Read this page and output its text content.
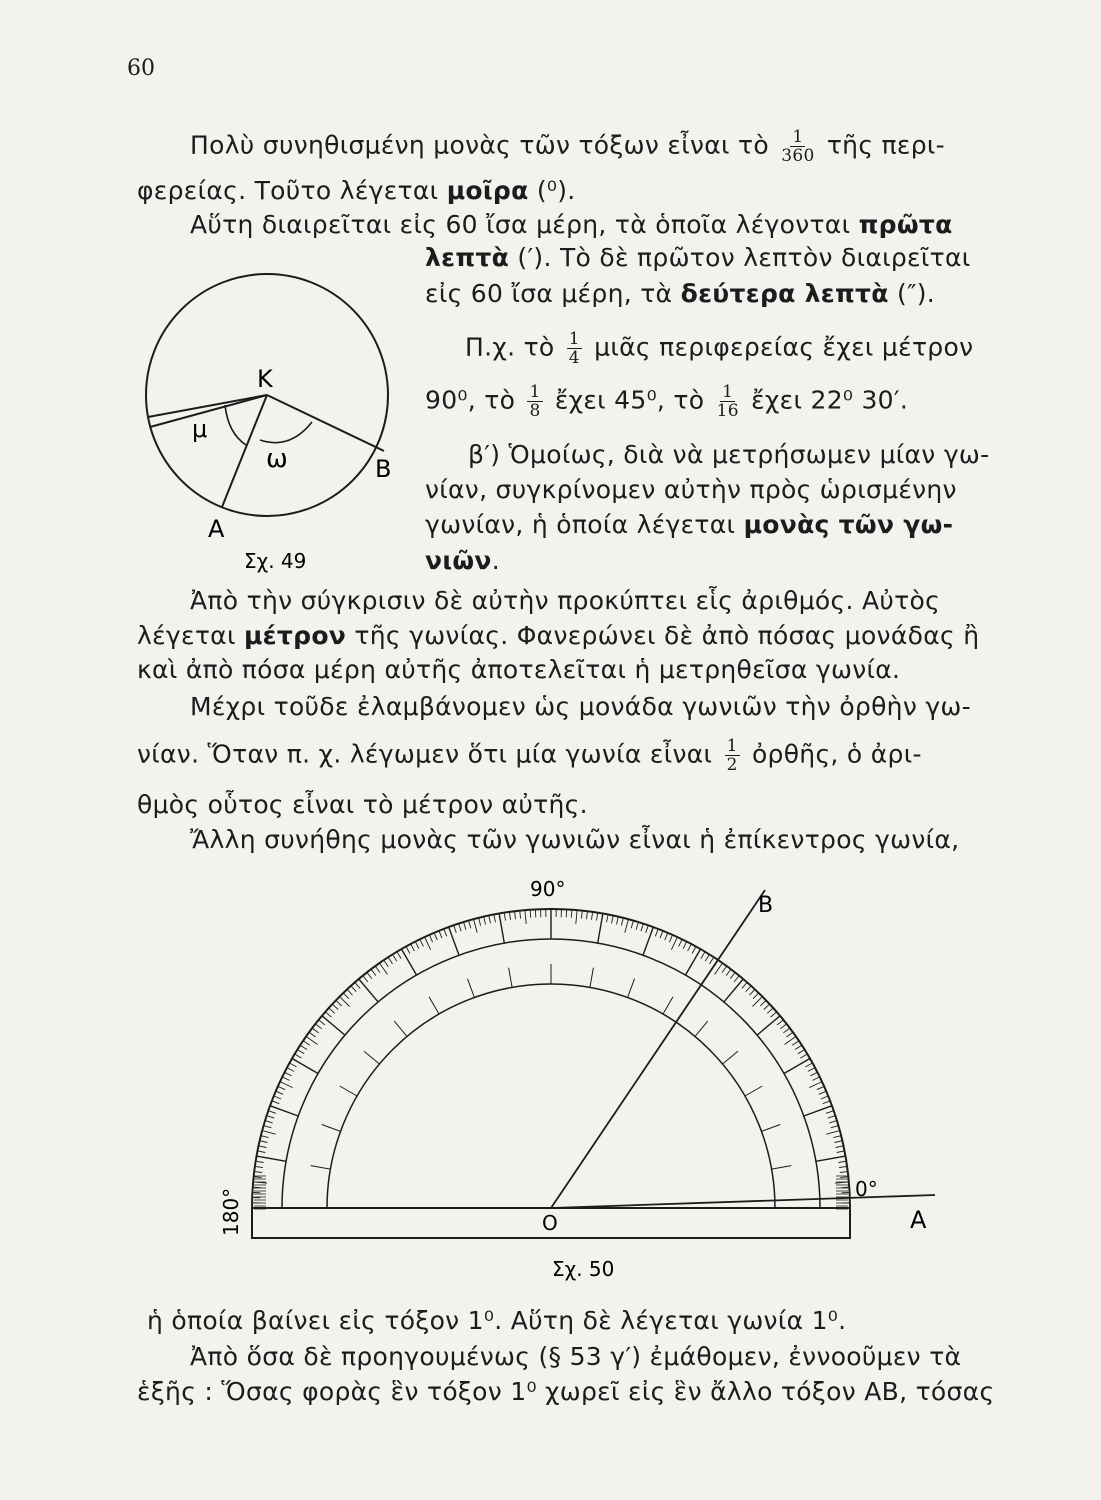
60
Πολὺ συνηθισμένη μονὰς τῶν τόξων εἶναι τὸ $\frac{1}{360}$ τῆς περι-
φερείας. Τοῦτο λέγεται μοῖρα (⁰).
Αὕτη διαιρεῖται εἰς 60 ἴσα μέρη, τὰ ὁποῖα λέγονται πρῶτα
λεπτὰ (′). Τὸ δὲ πρῶτον λεπτὸν διαιρεῖται
εἰς 60 ἴσα μέρη, τὰ δεύτερα λεπτὰ (″).
Π.χ. τὸ $\frac{1}{4}$ μιᾶς περιφερείας ἔχει μέτρον
90⁰, τὸ $\frac{1}{8}$ ἔχει 45⁰, τὸ $\frac{1}{16}$ ἔχει 22⁰ 30′.
β′) Ὁμοίως, διὰ νὰ μετρήσωμεν μίαν γω-
νίαν, συγκρίνομεν αὐτὴν πρὸς ὡρισμένην
γωνίαν, ἡ ὁποία λέγεται μονὰς τῶν γω-
νιῶν.
Ἀπὸ τὴν σύγκρισιν δὲ αὐτὴν προκύπτει εἷς ἀριθμός. Αὐτὸς
λέγεται μέτρον τῆς γωνίας. Φανερώνει δὲ ἀπὸ πόσας μονάδας ἢ
καὶ ἀπὸ πόσα μέρη αὐτῆς ἀποτελεῖται ἡ μετρηθεῖσα γωνία.
Μέχρι τοῦδε ἐλαμβάνομεν ὡς μονάδα γωνιῶν τὴν ὀρθὴν γω-
νίαν. Ὅταν π. χ. λέγωμεν ὅτι μία γωνία εἶναι $\frac{1}{2}$ ὀρθῆς, ὁ ἀρι-
θμὸς οὗτος εἶναι τὸ μέτρον αὐτῆς.
Ἄλλη συνήθης μονὰς τῶν γωνιῶν εἶναι ἡ ἐπίκεντρος γωνία,
ἡ ὁποία βαίνει εἰς τόξον 1⁰. Αὕτη δὲ λέγεται γωνία 1⁰.
Ἀπὸ ὅσα δὲ προηγουμένως (§ 53 γ′) ἐμάθομεν, ἐννοοῦμεν τὰ
ἑξῆς : Ὅσας φορὰς ἓν τόξον 1⁰ χωρεῖ εἰς ἓν ἄλλο τόξον ΑΒ, τόσας
K
μ
ω	B
A
Σχ. 49
90°
B
O	A
0°
180°
Σχ. 50
